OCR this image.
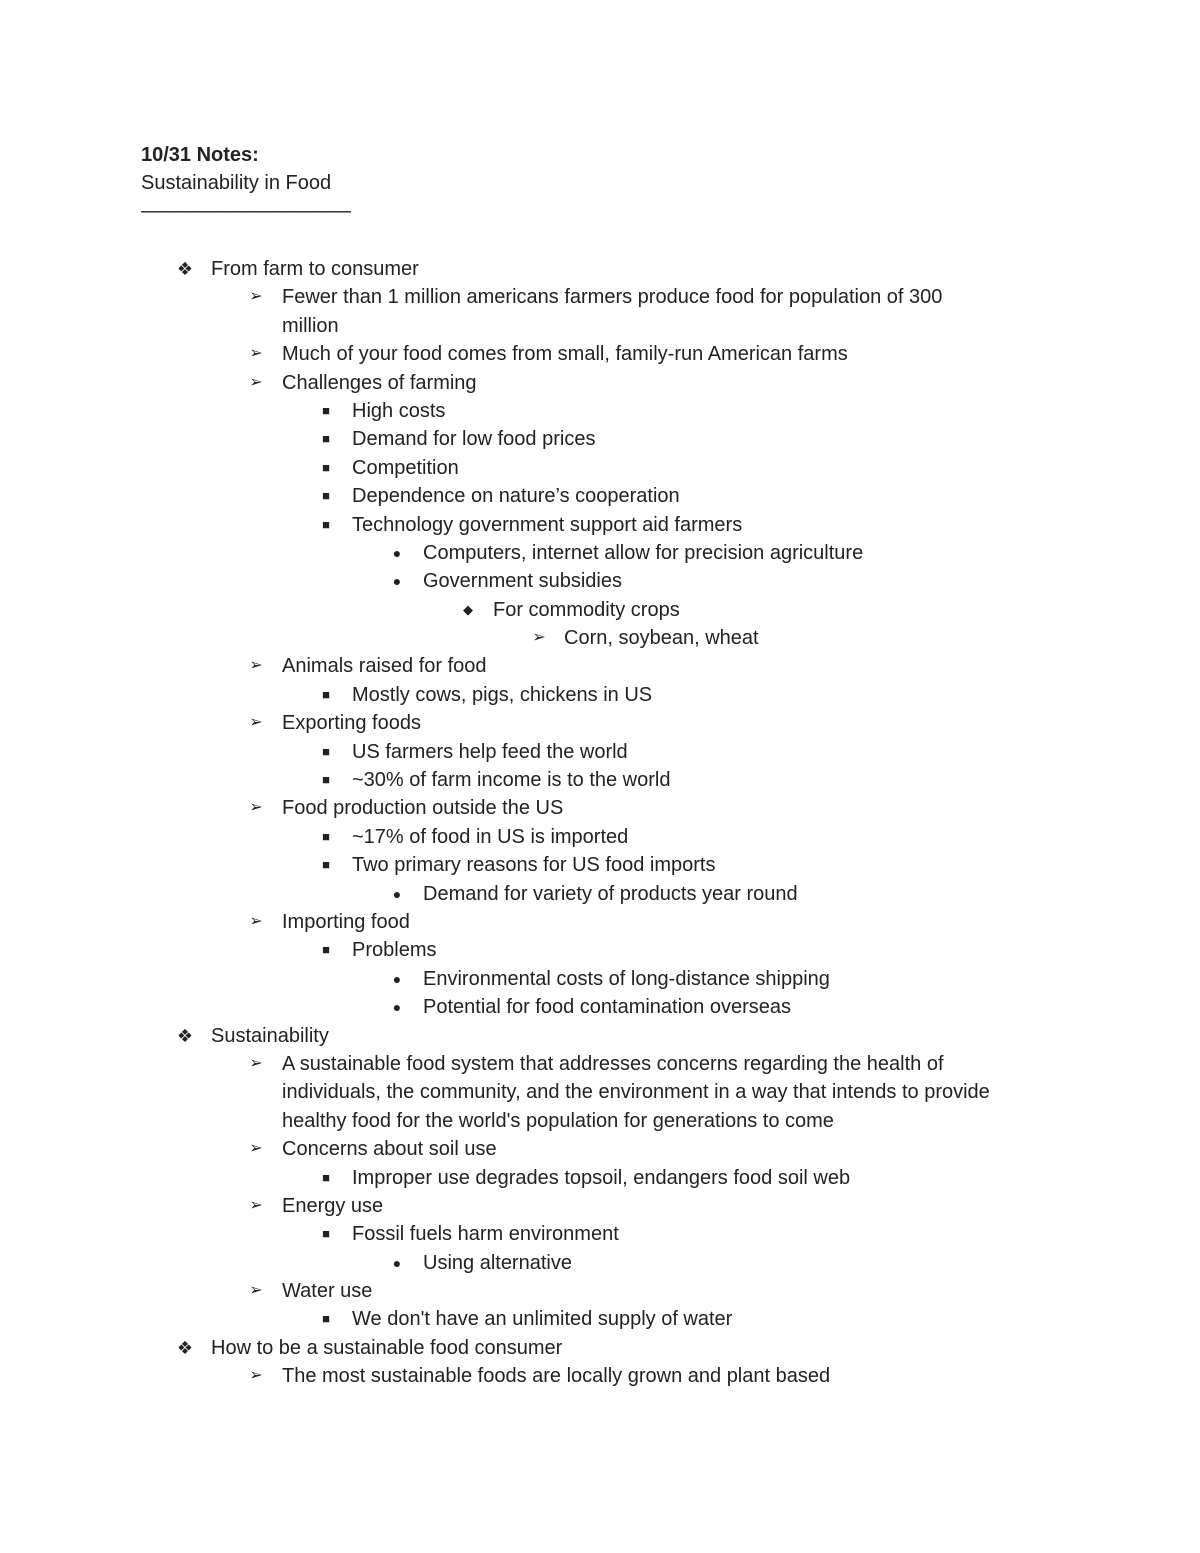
10/31 Notes:
Sustainability in Food
———————————
❖ From farm to consumer
➢ Fewer than 1 million americans farmers produce food for population of 300
million
➢ Much of your food comes from small, family-run American farms
➢ Challenges of farming
■	High costs
■	Demand for low food prices
■	Competition
■	Dependence on nature’s cooperation
■	Technology government support aid farmers
●	Computers, internet allow for precision agriculture
●	Government subsidies
◆	For commodity crops
➢ Corn, soybean, wheat
➢ Animals raised for food
■	Mostly cows, pigs, chickens in US
➢ Exporting foods
■	US farmers help feed the world
■	~30% of farm income is to the world
➢ Food production outside the US
■	~17% of food in US is imported
■	Two primary reasons for US food imports
●	Demand for variety of products year round
➢ Importing food
■	Problems
●	Environmental costs of long-distance shipping
●	Potential for food contamination overseas
❖ Sustainability
➢ A sustainable food system that addresses concerns regarding the health of
individuals, the community, and the environment in a way that intends to provide
healthy food for the world's population for generations to come
➢ Concerns about soil use
■	Improper use degrades topsoil, endangers food soil web
➢ Energy use
■	Fossil fuels harm environment
●	Using alternative
➢ Water use
■	We don't have an unlimited supply of water
❖ How to be a sustainable food consumer
➢ The most sustainable foods are locally grown and plant based
